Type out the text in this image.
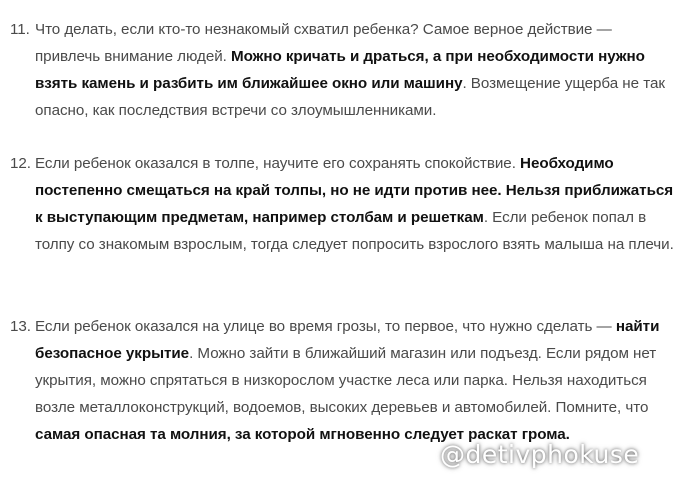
11. Что делать, если кто-то незнакомый схватил ребенка? Самое верное действие — привлечь внимание людей. Можно кричать и драться, а при необходимости нужно взять камень и разбить им ближайшее окно или машину. Возмещение ущерба не так опасно, как последствия встречи со злоумышленниками.
12. Если ребенок оказался в толпе, научите его сохранять спокойствие. Необходимо постепенно смещаться на край толпы, но не идти против нее. Нельзя приближаться к выступающим предметам, например столбам и решеткам. Если ребенок попал в толпу со знакомым взрослым, тогда следует попросить взрослого взять малыша на плечи.
13. Если ребенок оказался на улице во время грозы, то первое, что нужно сделать — найти безопасное укрытие. Можно зайти в ближайший магазин или подъезд. Если рядом нет укрытия, можно спрятаться в низкорослом участке леса или парка. Нельзя находиться возле металлоконструкций, водоемов, высоких деревьев и автомобилей. Помните, что самая опасная та молния, за которой мгновенно следует раскат грома.
@detivphokuse
